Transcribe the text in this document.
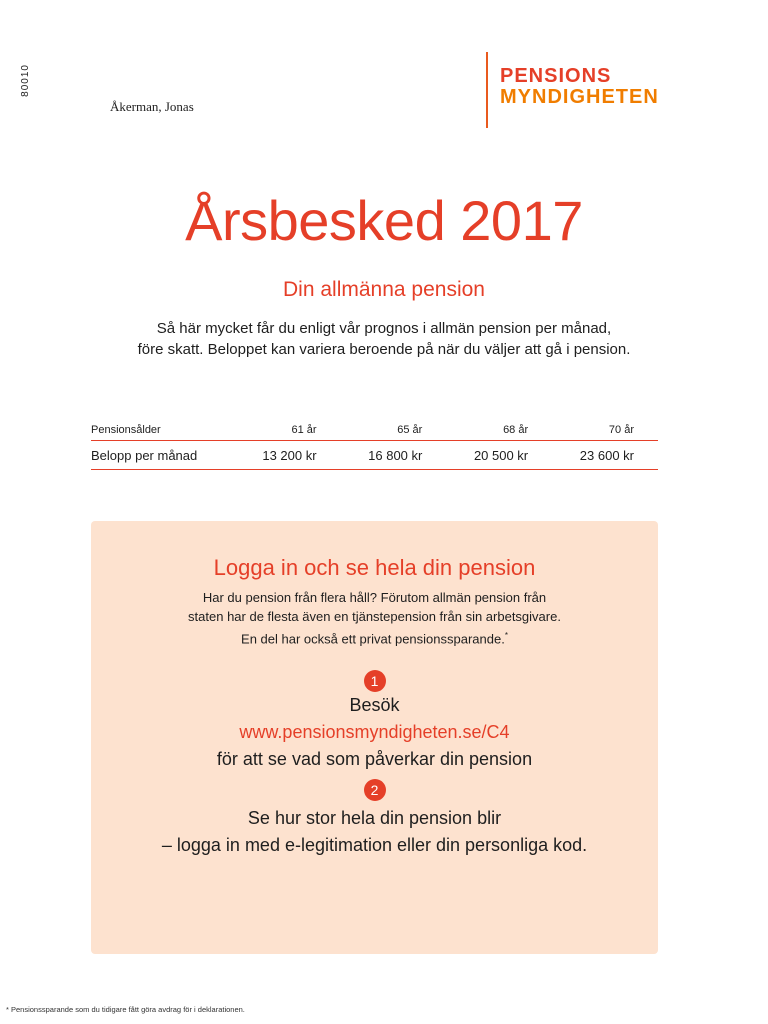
80010
Åkerman, Jonas
PENSIONS
MYNDIGHETEN
Årsbesked 2017
Din allmänna pension

Så här mycket får du enligt vår prognos i allmän pension per månad,

före skatt. Beloppet kan variera beroende på när du väljer att gå i pension.

Pensionsålder	61 år	65 år	68 år	70 år
Belopp per månad	13 200 kr	16 800 kr	20 500 kr	23 600 kr
Logga in och se hela din pension

Har du pension från flera håll? Förutom allmän pension från

staten har de flesta även en tjänstepension från sin arbetsgivare.

En del har också ett privat pensionssparande.*

1
Besök
www.pensionsmyndigheten.se/C4
för att se vad som påverkar din pension
2
Se hur stor hela din pension blir
– logga in med e-legitimation eller din personliga kod.
* Pensionssparande som du tidigare fått göra avdrag för i deklarationen.
